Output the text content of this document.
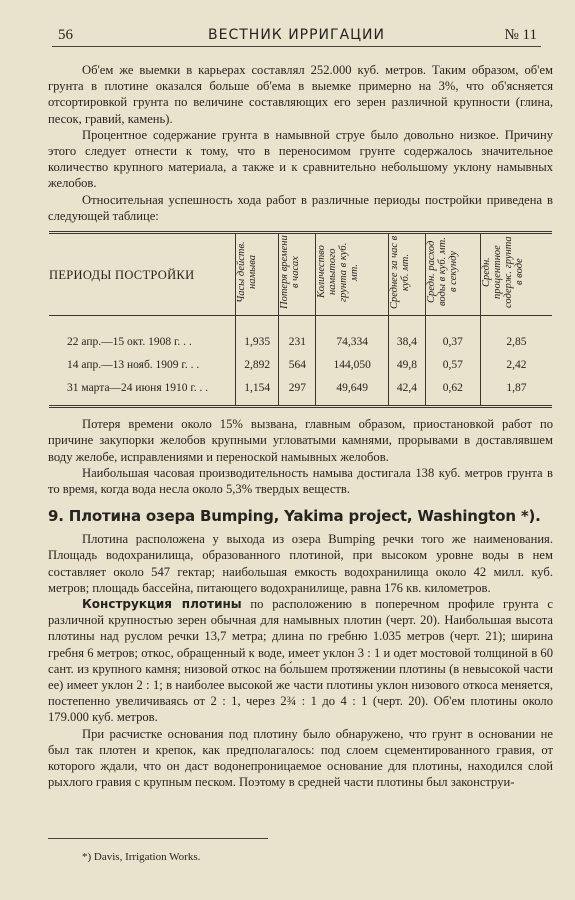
56	ВЕСТНИК ИРРИГАЦИИ	№ 11

Об'ем же выемки в карьерах составлял 252.000 куб. метров. Таким образом, об'ем грунта в плотине оказался больше об'ема в выемке примерно на 3%, что об'ясняется отсортировкой грунта по величине составляющих его зерен различной крупности (глина, песок, гравий, камень).

Процентное содержание грунта в намывной струе было довольно низкое. Причину этого следует отнести к тому, что в переносимом грунте содержалось значительное количество крупного материала, а также и к сравнительно небольшому уклону намывных желобов.

Относительная успешность хода работ в различные периоды постройки приведена в следующей таблице:

ПЕРИОДЫ ПОСТРОЙКИ	Часы действ. намыва	Потеря времени в часах	Количество намытого грунта в куб. мт.	Среднее за час в куб. мт.	Средн. расход воды в куб. мт. в секунду	Средн. процентное содерж. грунта в воде
22 апр.—15 окт. 1908 г. . .	1,935	231	74,334	38,4	0,37	2,85
14 апр.—13 нояб. 1909 г. . .	2,892	564	144,050	49,8	0,57	2,42
31 марта—24 июня 1910 г. . .	1,154	297	49,649	42,4	0,62	1,87

Потеря времени около 15% вызвана, главным образом, приостановкой работ по причине закупорки желобов крупными угловатыми камнями, прорывами в доставлявшем воду желобе, исправлениями и переноской намывных желобов.

Наибольшая часовая производительность намыва достигала 138 куб. метров грунта в то время, когда вода несла около 5,3% твердых веществ.

9. Плотина озера Bumping, Yakima project, Washington *).

Плотина расположена у выхода из озера Bumping речки того же наименования. Площадь водохранилища, образованного плотиной, при высоком уровне воды в нем составляет около 547 гектар; наибольшая емкость водохранилища около 42 милл. куб. метров; площадь бассейна, питающего водохранилище, равна 176 кв. километров.

Конструкция плотины по расположению в поперечном профиле грунта с различной крупностью зерен обычная для намывных плотин (черт. 20). Наибольшая высота плотины над руслом речки 13,7 метра; длина по гребню 1.035 метров (черт. 21); ширина гребня 6 метров; откос, обращенный к воде, имеет уклон 3 : 1 и одет мостовой толщиной в 60 сант. из крупного камня; низовой откос на бо́льшем протяжении плотины (в невысокой части ее) имеет уклон 2 : 1; в наиболее высокой же части плотины уклон низового откоса меняется, постепенно увеличиваясь от 2 : 1, через 2¾ : 1 до 4 : 1 (черт. 20). Об'ем плотины около 179.000 куб. метров.

При расчистке основания под плотину было обнаружено, что грунт в основании не был так плотен и крепок, как предполагалось: под слоем сцементированного гравия, от которого ждали, что он даст водонепроницаемое основание для плотины, находился слой рыхлого гравия с крупным песком. Поэтому в средней части плотины был законструи-

*) Davis, Irrigation Works.
